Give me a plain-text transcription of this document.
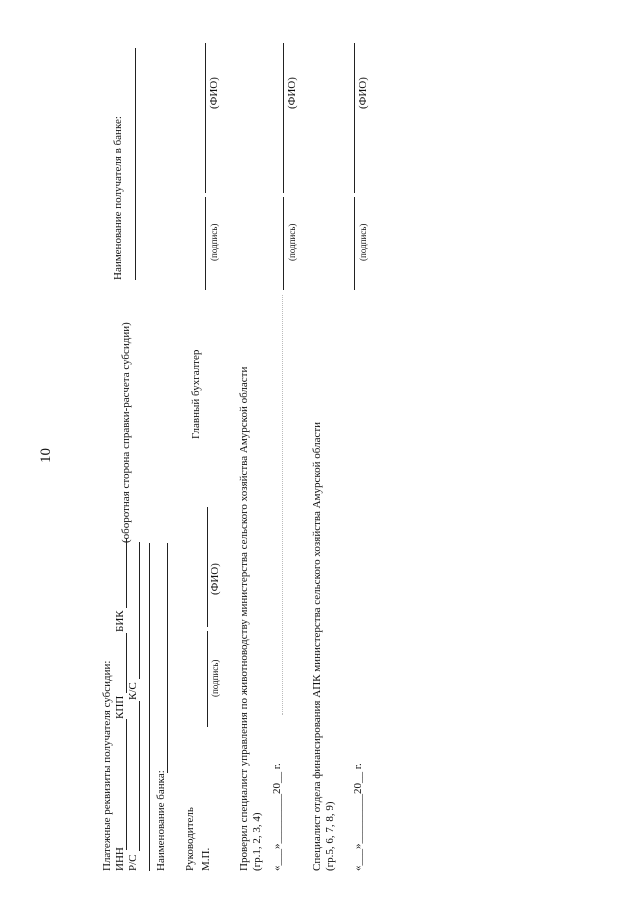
10	(оборотная сторона справки-расчета субсидии)
Платежные реквизиты получателя субсидии: ИНН
КПП
БИК
Р/С
К/С
Наименование банка: Руководитель М.П.
(подпись)
(ФИО)
Главный бухгалтер	Проверил специалист управления по животноводству министерства сельского хозяйства Амурской области (гр.1, 2, 3, 4) «___»_________20__ г.	Специалист отдела финансирования АПК министерства сельского хозяйства Амурской области (гр.5, 6, 7, 8, 9) «___»_________20__ г.
Наименование получателя в банке:	(подпись)
(ФИО)
(подпись)
(ФИО)
(подпись)
(ФИО)
